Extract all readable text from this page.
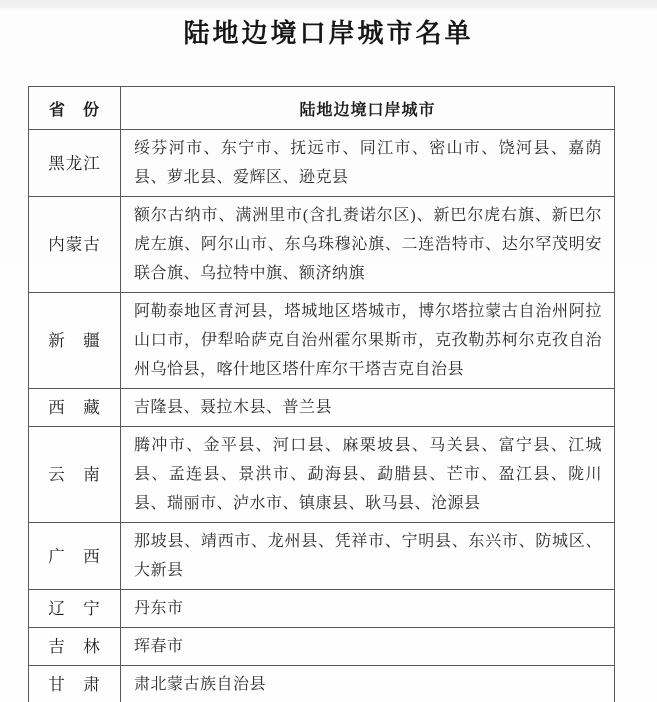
陆地边境口岸城市名单
省　份	陆地边境口岸城市
黑龙江	绥芬河市、东宁市、抚远市、同江市、密山市、饶河县、嘉荫县、萝北县、爱辉区、逊克县
内蒙古	额尔古纳市、满洲里市(含扎赉诺尔区)、新巴尔虎右旗、新巴尔虎左旗、阿尔山市、东乌珠穆沁旗、二连浩特市、达尔罕茂明安联合旗、乌拉特中旗、额济纳旗
新　疆	阿勒泰地区青河县，塔城地区塔城市，博尔塔拉蒙古自治州阿拉山口市，伊犁哈萨克自治州霍尔果斯市，克孜勒苏柯尔克孜自治州乌恰县，喀什地区塔什库尔干塔吉克自治县
西　藏	吉隆县、聂拉木县、普兰县
云　南	腾冲市、金平县、河口县、麻栗坡县、马关县、富宁县、江城县、孟连县、景洪市、勐海县、勐腊县、芒市、盈江县、陇川县、瑞丽市、泸水市、镇康县、耿马县、沧源县
广　西	那坡县、靖西市、龙州县、凭祥市、宁明县、东兴市、防城区、大新县
辽　宁	丹东市
吉　林	珲春市
甘　肃	肃北蒙古族自治县
